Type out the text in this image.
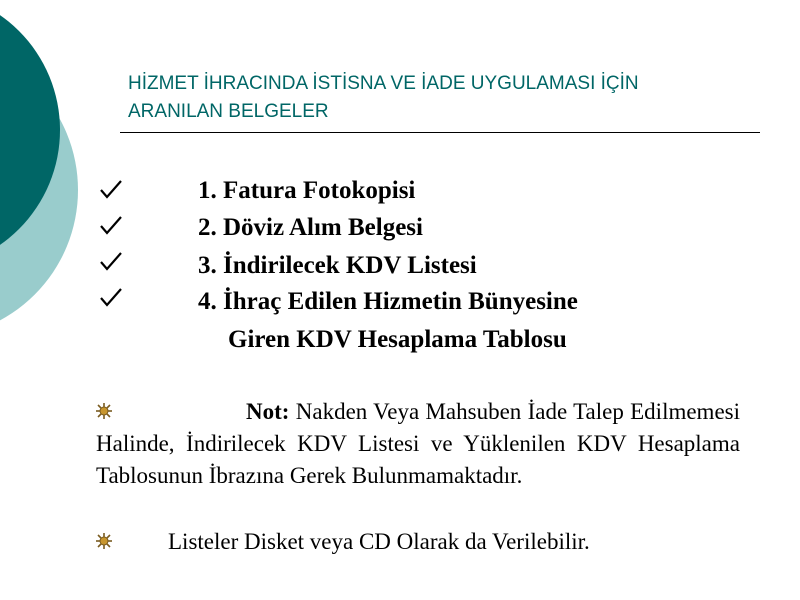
HİZMET İHRACINDA İSTİSNA VE İADE UYGULAMASI İÇİN
ARANILAN BELGELER
1. Fatura Fotokopisi
2. Döviz Alım Belgesi
3. İndirilecek KDV Listesi
4. İhraç Edilen Hizmetin Bünyesine
Giren KDV Hesaplama Tablosu
Not: Nakden Veya Mahsuben İade Talep Edilmemesi Halinde, İndirilecek KDV Listesi ve Yüklenilen KDV Hesaplama Tablosunun İbrazına Gerek Bulunmamaktadır.
Listeler Disket veya CD Olarak da Verilebilir.
